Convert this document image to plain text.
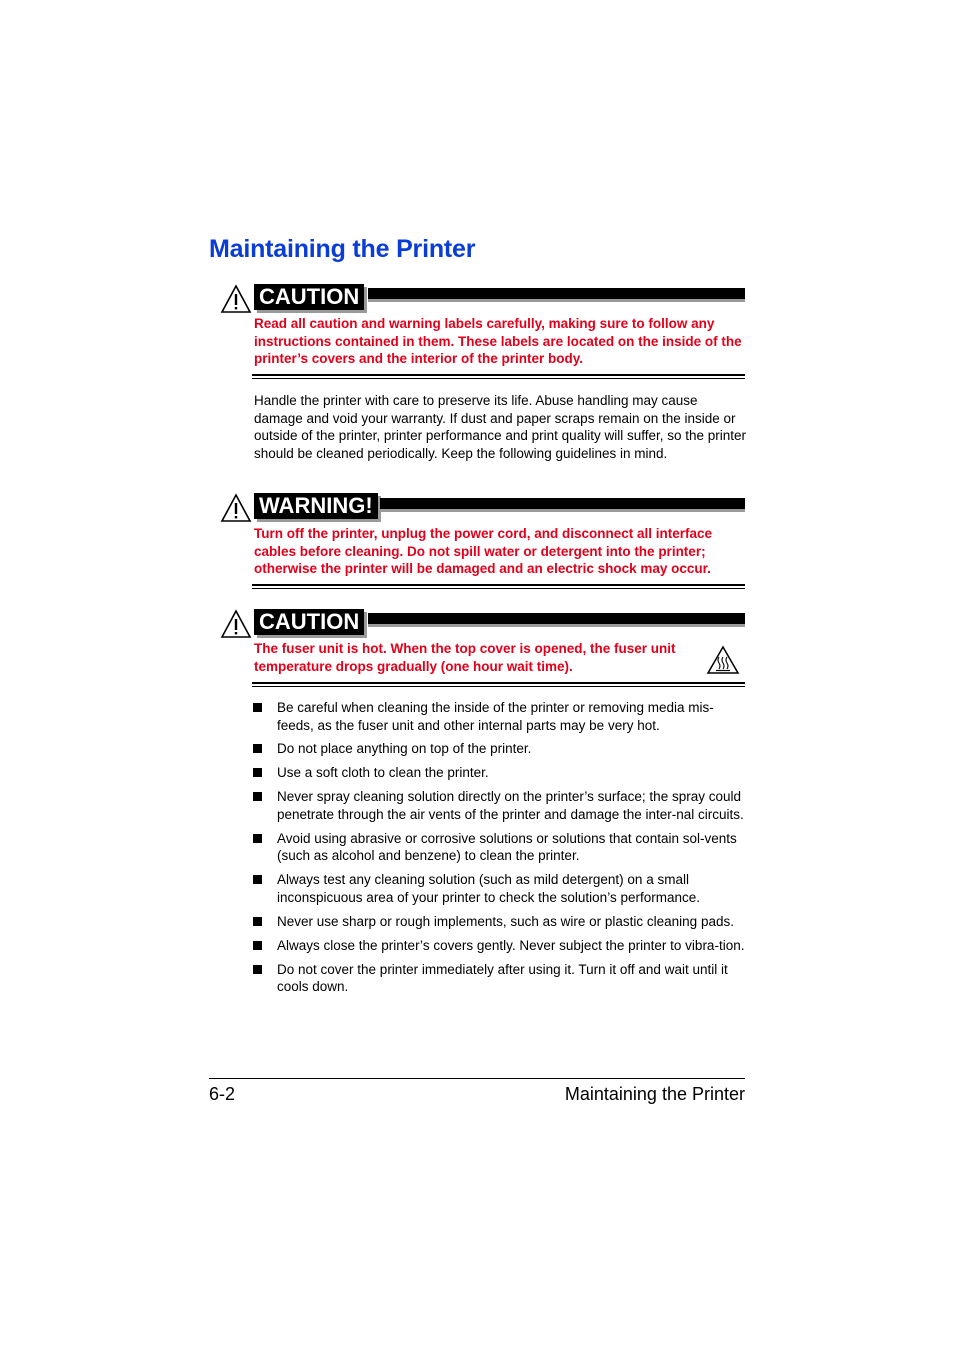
Maintaining the Printer
CAUTION
Read all caution and warning labels carefully, making sure to follow any instructions contained in them. These labels are located on the inside of the printer’s covers and the interior of the printer body.

Handle the printer with care to preserve its life. Abuse handling may cause damage and void your warranty. If dust and paper scraps remain on the inside or outside of the printer, printer performance and print quality will suffer, so the printer should be cleaned periodically. Keep the following guidelines in mind.

WARNING!
Turn off the printer, unplug the power cord, and disconnect all interface cables before cleaning. Do not spill water or detergent into the printer; otherwise the printer will be damaged and an electric shock may occur.
CAUTION
The fuser unit is hot. When the top cover is opened, the fuser unit temperature drops gradually (one hour wait time).
Be careful when cleaning the inside of the printer or removing media mis-feeds, as the fuser unit and other internal parts may be very hot.
Do not place anything on top of the printer.
Use a soft cloth to clean the printer.
Never spray cleaning solution directly on the printer’s surface; the spray could penetrate through the air vents of the printer and damage the inter-nal circuits.
Avoid using abrasive or corrosive solutions or solutions that contain sol-vents (such as alcohol and benzene) to clean the printer.
Always test any cleaning solution (such as mild detergent) on a small inconspicuous area of your printer to check the solution’s performance.
Never use sharp or rough implements, such as wire or plastic cleaning pads.
Always close the printer’s covers gently. Never subject the printer to vibra-tion.
Do not cover the printer immediately after using it. Turn it off and wait until it cools down.
6-2	Maintaining the Printer
